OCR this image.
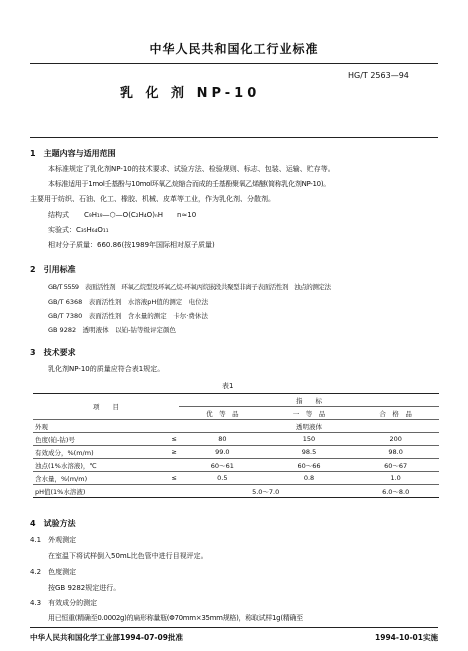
中华人民共和国化工行业标准
HG/T 2563—94
乳 化 剂 NP-10
1　主题内容与适用范围
本标准规定了乳化剂NP-10的技术要求、试验方法、检验规则、标志、包装、运输、贮存等。
本标准适用于1mol壬基酚与10mol环氧乙烷缩合而成的壬基酚聚氧乙烯醚(简称乳化剂NP-10)。
主要用于纺织、石油、化工、橡胶、机械、皮革等工业，作为乳化剂、分散剂。
结构式 C₉H₁₉—⬡—O(C₂H₄O)ₙH　　n≈10
实验式：C₃₅H₆₄O₁₁
相对分子质量：660.86(按1989年国际相对原子质量)
2　引用标准
GB/T 5559　表面活性剂　环氧乙烷型及环氧乙烷-环氧丙烷嵌段共聚型非离子表面活性剂　浊点的测定法
GB/T 6368　表面活性剂　水溶液pH值的测定　电位法
GB/T 7380　表面活性剂　含水量的测定　卡尔·费休法
GB 9282　透明液体　以铂-钴等级评定颜色
3　技术要求
乳化剂NP-10的质量应符合表1规定。
表1
项　　目		指　　标		
		优　等　品	一　等　品	合　格　品
外观		透明液体		
色度(铂-钴)号	≤	80	150	200
有效成分，%(m/m)	≥	99.0	98.5	98.0
浊点(1%水溶液)，℃		60～61	60～66	60～67
含水量，%(m/m)	≤	0.5	0.8	1.0
pH值(1%水溶液)		5.0～7.0		6.0～8.0
4　试验方法
4.1　外观测定
在室温下将试样倒入50mL比色管中进行目视评定。
4.2　色度测定
按GB 9282规定进行。
4.3　有效成分的测定
用已恒重(精确至0.0002g)的扁形称量瓶(Φ70mm×35mm规格)，称取试样1g(精确至
中华人民共和国化学工业部1994-07-09批准	1994-10-01实施
